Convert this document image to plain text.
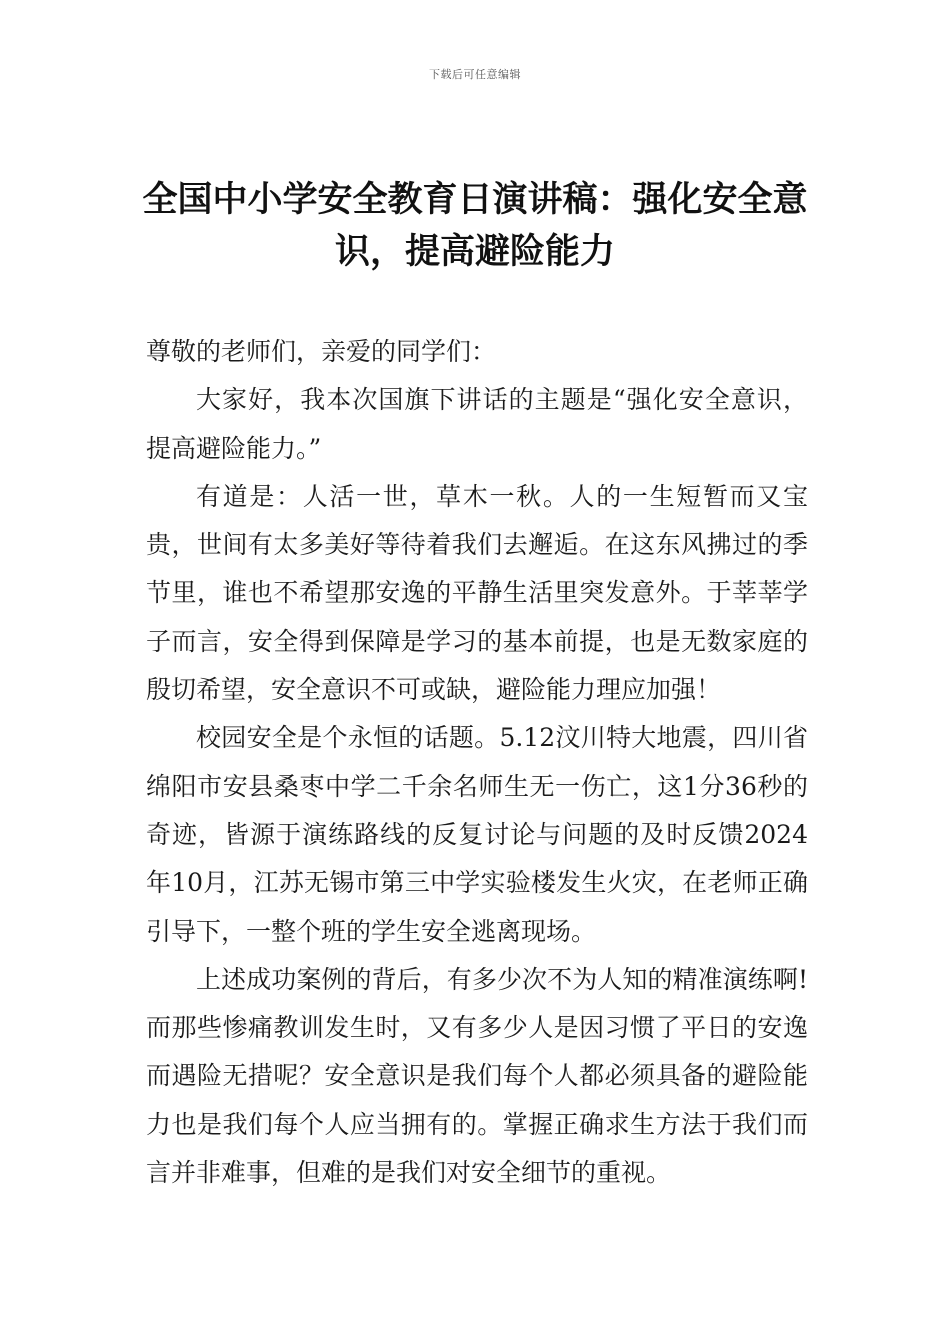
下载后可任意编辑
全国中小学安全教育日演讲稿：强化安全意识，提高避险能力

尊敬的老师们，亲爱的同学们：

大家好，我本次国旗下讲话的主题是“强化安全意识，提高避险能力。”

有道是：人活一世，草木一秋。人的一生短暂而又宝贵，世间有太多美好等待着我们去邂逅。在这东风拂过的季节里，谁也不希望那安逸的平静生活里突发意外。于莘莘学子而言，安全得到保障是学习的基本前提，也是无数家庭的殷切希望，安全意识不可或缺，避险能力理应加强！

校园安全是个永恒的话题。5.12汶川特大地震，四川省绵阳市安县桑枣中学二千余名师生无一伤亡，这1分36秒的奇迹，皆源于演练路线的反复讨论与问题的及时反馈2024年10月，江苏无锡市第三中学实验楼发生火灾，在老师正确引导下，一整个班的学生安全逃离现场。

上述成功案例的背后，有多少次不为人知的精准演练啊!而那些惨痛教训发生时，又有多少人是因习惯了平日的安逸而遇险无措呢？安全意识是我们每个人都必须具备的避险能力也是我们每个人应当拥有的。掌握正确求生方法于我们而言并非难事，但难的是我们对安全细节的重视。
